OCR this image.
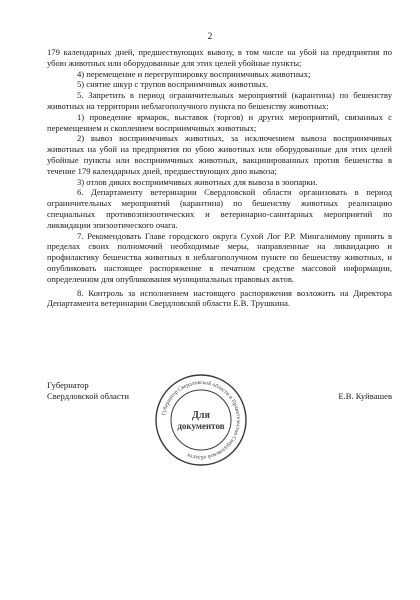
2

179 календарных дней, предшествующих вывозу, в том числе на убой на предприятия по убою животных или оборудованные для этих целей убойные пункты;

4) перемещение и перегруппировку восприимчивых животных;

5) снятие шкур с трупов восприимчивых животных.

5. Запретить в период ограничительных мероприятий (карантина) по бешенству животных на территории неблагополучного пункта по бешенству животных:

1) проведение ярмарок, выставок (торгов) и других мероприятий, связанных с перемещением и скоплением восприимчивых животных;

2) вывоз восприимчивых животных, за исключением вывоза восприимчивых животных на убой на предприятия по убою животных или оборудованные для этих целей убойные пункты или восприимчивых животных, вакцинированных против бешенства в течение 179 календарных дней, предшествующих дню вывоза;

3) отлов диких восприимчивых животных для вывоза в зоопарки.

6. Департаменту ветеринарии Свердловской области организовать в период ограничительных мероприятий (карантина) по бешенству животных реализацию специальных противоэпизоотических и ветеринарно-санитарных мероприятий по ликвидации эпизоотического очага.

7. Рекомендовать Главе городского округа Сухой Лог Р.Р. Мингалимову принять в пределах своих полномочий необходимые меры, направленные на ликвидацию и профилактику бешенства животных в неблагополучном пункте по бешенству животных, и опубликовать настоящее распоряжение в печатном средстве массовой информации, определенном для опубликования муниципальных правовых актов.

8. Контроль за исполнением настоящего распоряжения возложить на Директора Департамента ветеринарии Свердловской области Е.В. Трушкина.

Губернатор
Свердловской области	Е.В. Куйвашев
Губернатор Свердловской области и Правительство Свердловской области
Для
документов
